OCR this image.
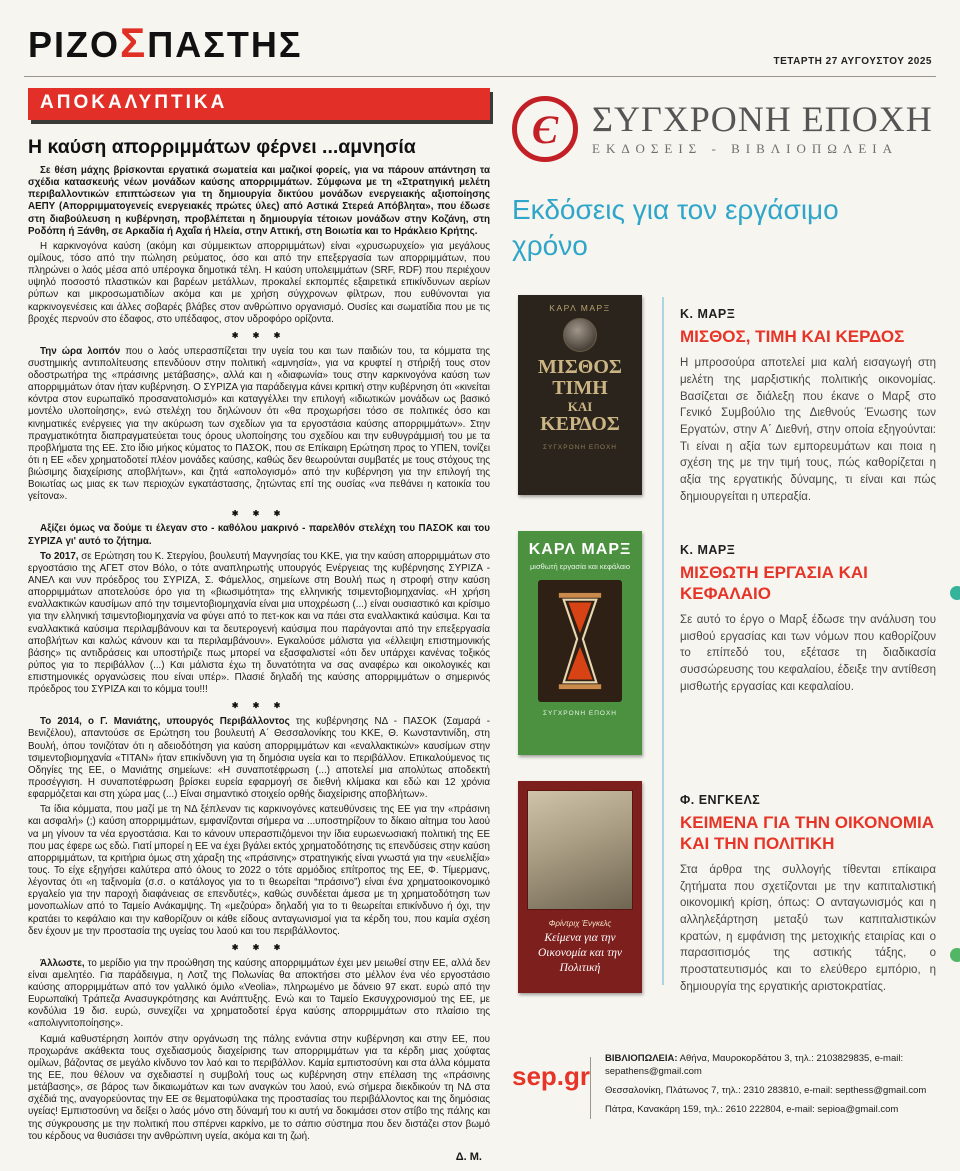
ΡΙΖΟΣΠΑΣΤΗΣ	ΤΕΤΑΡΤΗ 27 ΑΥΓΟΥΣΤΟΥ 2025
ΑΠΟΚΑΛΥΠΤΙΚΑ
Η καύση απορριμμάτων φέρνει ...αμνησία

Σε θέση μάχης βρίσκονται εργατικά σωματεία και μαζικοί φορείς, για να πάρουν απάντηση τα σχέδια κατασκευής νέων μονάδων καύσης απορριμμάτων. Σύμφωνα με τη «Στρατηγική μελέτη περιβαλλοντικών επιπτώσεων για τη δημιουργία δικτύου μονάδων ενεργειακής αξιοποίησης ΑΕΠΥ (Απορριμματογενείς ενεργειακές πρώτες ύλες) από Αστικά Στερεά Απόβλητα», που έδωσε στη διαβούλευση η κυβέρνηση, προβλέπεται η δημιουργία τέτοιων μονάδων στην Κοζάνη, στη Ροδόπη ή Ξάνθη, σε Αρκαδία ή Αχαΐα ή Ηλεία, στην Αττική, στη Βοιωτία και το Ηράκλειο Κρήτης.

Η καρκινογόνα καύση (ακόμη και σύμμεικτων απορριμμάτων) είναι «χρυσωρυχείο» για μεγάλους ομίλους, τόσο από την πώληση ρεύματος, όσο και από την επεξεργασία των απορριμμάτων, που πληρώνει ο λαός μέσα από υπέρογκα δημοτικά τέλη. Η καύση υπολειμμάτων (SRF, RDF) που περιέχουν υψηλό ποσοστό πλαστικών και βαρέων μετάλλων, προκαλεί εκπομπές εξαιρετικά επικίνδυνων αερίων ρύπων και μικροσωματιδίων ακόμα και με χρήση σύγχρονων φίλτρων, που ευθύνονται για καρκινογενέσεις και άλλες σοβαρές βλάβες στον ανθρώπινο οργανισμό. Ουσίες και σωματίδια που με τις βροχές περνούν στο έδαφος, στο υπέδαφος, στον υδροφόρο ορίζοντα.

✱ ✱ ✱

Την ώρα λοιπόν που ο λαός υπερασπίζεται την υγεία του και των παιδιών του, τα κόμματα της συστημικής αντιπολίτευσης επενδύουν στην πολιτική «αμνησία», για να κρυφτεί η στήριξή τους στον οδοστρωτήρα της «πράσινης μετάβασης», αλλά και η «διαφωνία» τους στην καρκινογόνα καύση των απορριμμάτων όταν ήταν κυβέρνηση. Ο ΣΥΡΙΖΑ για παράδειγμα κάνει κριτική στην κυβέρνηση ότι «κινείται κόντρα στον ευρωπαϊκό προσανατολισμό» και καταγγέλλει την επιλογή «ιδιωτικών μονάδων ως βασικό μοντέλο υλοποίησης», ενώ στελέχη του δηλώνουν ότι «θα προχωρήσει τόσο σε πολιτικές όσο και κινηματικές ενέργειες για την ακύρωση των σχεδίων για τα εργοστάσια καύσης απορριμμάτων». Στην πραγματικότητα διαπραγματεύεται τους όρους υλοποίησης του σχεδίου και την ευθυγράμμισή του με τα προβλήματα της ΕΕ. Στο ίδιο μήκος κύματος το ΠΑΣΟΚ, που σε Επίκαιρη Ερώτηση προς το ΥΠΕΝ, τονίζει ότι η ΕΕ «δεν χρηματοδοτεί πλέον μονάδες καύσης, καθώς δεν θεωρούνται συμβατές με τους στόχους της βιώσιμης διαχείρισης αποβλήτων», και ζητά «απολογισμό» από την κυβέρνηση για την επιλογή της Βοιωτίας ως μιας εκ των περιοχών εγκατάστασης, ζητώντας επί της ουσίας «να πεθάνει η κατοικία του γείτονα».

✱ ✱ ✱

Αξίζει όμως να δούμε τι έλεγαν στο - καθόλου μακρινό - παρελθόν στελέχη του ΠΑΣΟΚ και του ΣΥΡΙΖΑ γι' αυτό το ζήτημα.

Το 2017, σε Ερώτηση του Κ. Στεργίου, βουλευτή Μαγνησίας του ΚΚΕ, για την καύση απορριμμάτων στο εργοστάσιο της ΑΓΕΤ στον Βόλο, ο τότε αναπληρωτής υπουργός Ενέργειας της κυβέρνησης ΣΥΡΙΖΑ - ΑΝΕΛ και νυν πρόεδρος του ΣΥΡΙΖΑ, Σ. Φάμελλος, σημείωνε στη Βουλή πως η στροφή στην καύση απορριμμάτων αποτελούσε όρο για τη «βιωσιμότητα» της ελληνικής τσιμεντοβιομηχανίας. «Η χρήση εναλλακτικών καυσίμων από την τσιμεντοβιομηχανία είναι μια υποχρέωση (...) είναι ουσιαστικό και κρίσιμο για την ελληνική τσιμεντοβιομηχανία να φύγει από το πετ-κοκ και να πάει στα εναλλακτικά καύσιμα. Και τα εναλλακτικά καύσιμα περιλαμβάνουν και τα δευτερογενή καύσιμα που παράγονται από την επεξεργασία αποβλήτων και καλώς κάνουν και τα περιλαμβάνουν». Εγκαλούσε μάλιστα για «έλλειψη επιστημονικής βάσης» τις αντιδράσεις και υποστήριζε πως μπορεί να εξασφαλιστεί «ότι δεν υπάρχει κανένας τοξικός ρύπος για το περιβάλλον (...) Και μάλιστα έχω τη δυνατότητα να σας αναφέρω και οικολογικές και επιστημονικές οργανώσεις που είναι υπέρ». Πλασιέ δηλαδή της καύσης απορριμμάτων ο σημερινός πρόεδρος του ΣΥΡΙΖΑ και το κόμμα του!!!

✱ ✱ ✱

Το 2014, ο Γ. Μανιάτης, υπουργός Περιβάλλοντος της κυβέρνησης ΝΔ - ΠΑΣΟΚ (Σαμαρά - Βενιζέλου), απαντούσε σε Ερώτηση του βουλευτή Α΄ Θεσσαλονίκης του ΚΚΕ, Θ. Κωνσταντινίδη, στη Βουλή, όπου τονιζόταν ότι η αδειοδότηση για καύση απορριμμάτων και «εναλλακτικών» καυσίμων στην τσιμεντοβιομηχανία «ΤΙΤΑΝ» ήταν επικίνδυνη για τη δημόσια υγεία και το περιβάλλον. Επικαλούμενος τις Οδηγίες της ΕΕ, ο Μανιάτης σημείωνε: «Η συναποτέφρωση (...) αποτελεί μια απολύτως αποδεκτή προσέγγιση. Η συναποτέφρωση βρίσκει ευρεία εφαρμογή σε διεθνή κλίμακα και εδώ και 12 χρόνια εφαρμόζεται και στη χώρα μας (...) Είναι σημαντικό στοιχείο ορθής διαχείρισης αποβλήτων».

Τα ίδια κόμματα, που μαζί με τη ΝΔ ξέπλεναν τις καρκινογόνες κατευθύνσεις της ΕΕ για την «πράσινη και ασφαλή» (;) καύση απορριμμάτων, εμφανίζονται σήμερα να ...υποστηρίζουν το δίκαιο αίτημα του λαού να μη γίνουν τα νέα εργοστάσια. Και το κάνουν υπερασπιζόμενοι την ίδια ευρωενωσιακή πολιτική της ΕΕ που μας έφερε ως εδώ. Γιατί μπορεί η ΕΕ να έχει βγάλει εκτός χρηματοδότησης τις επενδύσεις στην καύση απορριμμάτων, τα κριτήρια όμως στη χάραξη της «πράσινης» στρατηγικής είναι γνωστά για την «ευελιξία» τους. Το είχε εξηγήσει καλύτερα από όλους το 2022 ο τότε αρμόδιος επίτροπος της ΕΕ, Φ. Τίμερμανς, λέγοντας ότι «η ταξινομία (σ.σ. ο κατάλογος για το τι θεωρείται “πράσινο”) είναι ένα χρηματοοικονομικό εργαλείο για την παροχή διαφάνειας σε επενδυτές», καθώς συνδέεται άμεσα με τη χρηματοδότηση των μονοπωλίων από το Ταμείο Ανάκαμψης. Τη «μεζούρα» δηλαδή για το τι θεωρείται επικίνδυνο ή όχι, την κρατάει το κεφάλαιο και την καθορίζουν οι κάθε είδους ανταγωνισμοί για τα κέρδη του, που καμία σχέση δεν έχουν με την προστασία της υγείας του λαού και του περιβάλλοντος.

✱ ✱ ✱

Άλλωστε, το μερίδιο για την προώθηση της καύσης απορριμμάτων έχει μεν μειωθεί στην ΕΕ, αλλά δεν είναι αμελητέο. Για παράδειγμα, η Λοτζ της Πολωνίας θα αποκτήσει στο μέλλον ένα νέο εργοστάσιο καύσης απορριμμάτων από τον γαλλικό όμιλο «Veolia», πληρωμένο με δάνειο 97 εκατ. ευρώ από την Ευρωπαϊκή Τράπεζα Ανασυγκρότησης και Ανάπτυξης. Ενώ και το Ταμείο Εκσυγχρονισμού της ΕΕ, με κονδύλια 19 δισ. ευρώ, συνεχίζει να χρηματοδοτεί έργα καύσης απορριμμάτων στο πλαίσιο της «απολιγνιτοποίησης».

Καμιά καθυστέρηση λοιπόν στην οργάνωση της πάλης ενάντια στην κυβέρνηση και στην ΕΕ, που προχωράνε ακάθεκτα τους σχεδιασμούς διαχείρισης των απορριμμάτων για τα κέρδη μιας χούφτας ομίλων, βάζοντας σε μεγάλο κίνδυνο τον λαό και το περιβάλλον. Καμία εμπιστοσύνη και στα άλλα κόμματα της ΕΕ, που θέλουν να σχεδιαστεί η συμβολή τους ως κυβέρνηση στην επέλαση της «πράσινης μετάβασης», σε βάρος των δικαιωμάτων και των αναγκών του λαού, ενώ σήμερα διεκδικούν τη ΝΔ στα σχέδιά της, αναγορεύοντας την ΕΕ σε θεματοφύλακα της προστασίας του περιβάλλοντος και της δημόσιας υγείας! Εμπιστοσύνη να δείξει ο λαός μόνο στη δύναμή του κι αυτή να δοκιμάσει στον στίβο της πάλης και της σύγκρουσης με την πολιτική που σπέρνει καρκίνο, με το σάπιο σύστημα που δεν διστάζει στον βωμό του κέρδους να θυσιάσει την ανθρώπινη υγεία, ακόμα και τη ζωή.

Δ. Μ.
Є ΣΥΓΧΡΟΝΗ ΕΠΟΧΗ
ΕΚΔΟΣΕΙΣ - ΒΙΒΛΙΟΠΩΛΕΙΑ
Εκδόσεις για τον εργάσιμο χρόνο
ΚΑΡΛ ΜΑΡΞ
ΜΙΣΘΟΣ
ΤΙΜΗ
ΚΑΙ
ΚΕΡΔΟΣ
ΣΥΓΧΡΟΝΗ ΕΠΟΧΗ
Κ. ΜΑΡΞ
ΜΙΣΘΟΣ, ΤΙΜΗ ΚΑΙ ΚΕΡΔΟΣ
Η μπροσούρα αποτελεί μια καλή εισαγωγή στη μελέτη της μαρξιστικής πολιτικής οικονομίας. Βασίζεται σε διάλεξη που έκανε ο Μαρξ στο Γενικό Συμβούλιο της Διεθνούς Ένωσης των Εργατών, στην Α΄ Διεθνή, στην οποία εξηγούνται: Τι είναι η αξία των εμπορευμάτων και ποια η σχέση της με την τιμή τους, πώς καθορίζεται η αξία της εργατικής δύναμης, τι είναι και πώς δημιουργείται η υπεραξία.
ΚΑΡΛ ΜΑΡΞ
μισθωτή εργασία και κεφάλαιο
ΣΥΓΧΡΟΝΗ ΕΠΟΧΗ
Κ. ΜΑΡΞ
ΜΙΣΘΩΤΗ ΕΡΓΑΣΙΑ ΚΑΙ ΚΕΦΑΛΑΙΟ
Σε αυτό το έργο ο Μαρξ έδωσε την ανάλυση του μισθού εργασίας και των νόμων που καθορίζουν το επίπεδό του, εξέτασε τη διαδικασία συσσώρευσης του κεφαλαίου, έδειξε την αντίθεση μισθωτής εργασίας και κεφαλαίου.
Φρίντριχ Ένγκελς
Κείμενα για την Οικονομία και την Πολιτική
Φ. ΕΝΓΚΕΛΣ
ΚΕΙΜΕΝΑ ΓΙΑ ΤΗΝ ΟΙΚΟΝΟΜΙΑ ΚΑΙ ΤΗΝ ΠΟΛΙΤΙΚΗ
Στα άρθρα της συλλογής τίθενται επίκαιρα ζητήματα που σχετίζονται με την καπιταλιστική οικονομική κρίση, όπως: Ο ανταγωνισμός και η αλληλεξάρτηση μεταξύ των καπιταλιστικών κρατών, η εμφάνιση της μετοχικής εταιρίας και ο παρασιτισμός της αστικής τάξης, ο προστατευτισμός και το ελεύθερο εμπόριο, η δημιουργία της εργατικής αριστοκρατίας.
sep.gr

ΒΙΒΛΙΟΠΩΛΕΙΑ: Αθήνα, Μαυροκορδάτου 3, τηλ.: 2103829835, e-mail: sepathens@gmail.com

Θεσσαλονίκη, Πλάτωνος 7, τηλ.: 2310 283810, e-mail: septhess@gmail.com

Πάτρα, Κανακάρη 159, τηλ.: 2610 222804, e-mail: sepioa@gmail.com
